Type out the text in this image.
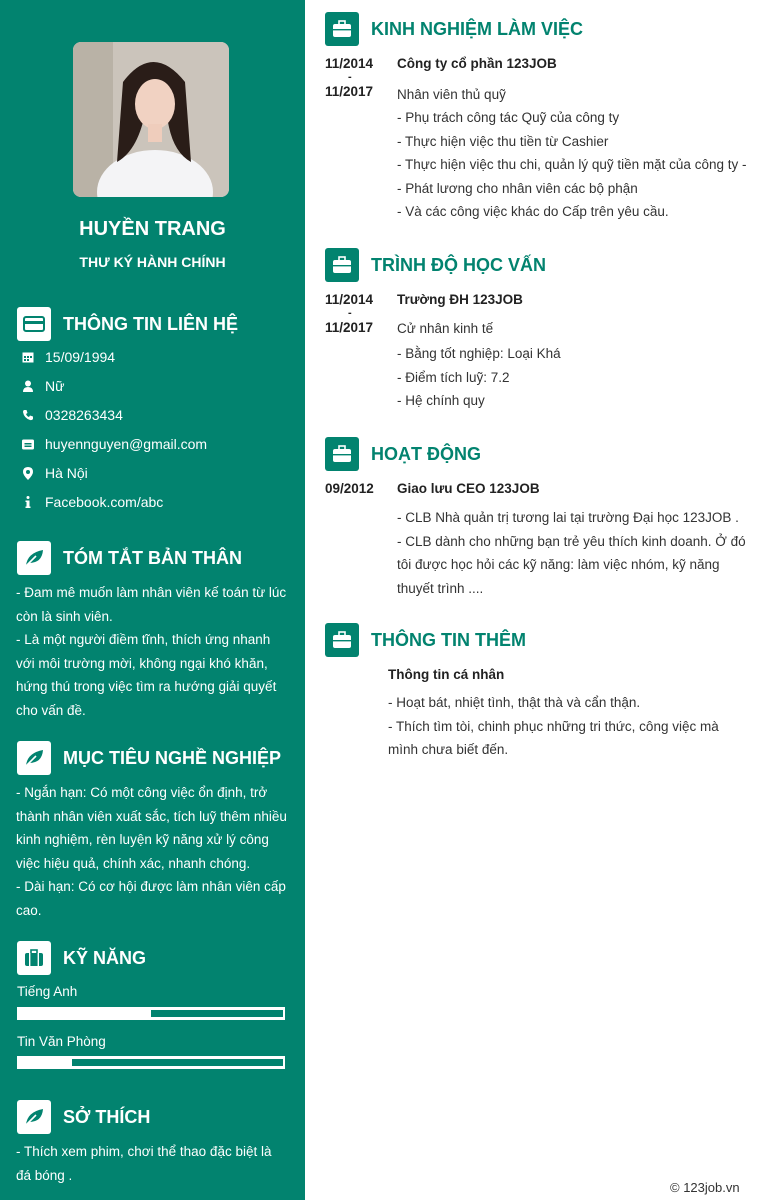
HUYỀN TRANG
THƯ KÝ HÀNH CHÍNH
THÔNG TIN LIÊN HỆ
15/09/1994
Nữ
0328263434
huyennguyen@gmail.com
Hà Nội
Facebook.com/abc
TÓM TẮT BẢN THÂN
- Đam mê muốn làm nhân viên kế toán từ lúc còn là sinh viên.
- Là một người điềm tĩnh, thích ứng nhanh với môi trường mời, không ngại khó khăn, hứng thú trong việc tìm ra hướng giải quyết cho vấn đề.
MỤC TIÊU NGHỀ NGHIỆP
- Ngắn hạn: Có một công việc ổn định, trở thành nhân viên xuất sắc, tích luỹ thêm nhiều kinh nghiệm, rèn luyện kỹ năng xử lý công việc hiệu quả, chính xác, nhanh chóng.
- Dài hạn: Có cơ hội được làm nhân viên cấp cao.
KỸ NĂNG
Tiếng Anh
Tin Văn Phòng
SỞ THÍCH
- Thích xem phim, chơi thể thao đặc biệt là đá bóng .
KINH NGHIỆM LÀM VIỆC
11/2014
-
11/2017
Công ty cổ phần 123JOB
Nhân viên thủ quỹ
- Phụ trách công tác Quỹ của công ty
- Thực hiện việc thu tiền từ Cashier
- Thực hiện việc thu chi, quản lý quỹ tiền mặt của công ty -
- Phát lương cho nhân viên các bộ phận
- Và các công việc khác do Cấp trên yêu cầu.
TRÌNH ĐỘ HỌC VẤN
11/2014
-
11/2017
Trường ĐH 123JOB
Cử nhân kinh tế
- Bằng tốt nghiệp: Loại Khá
- Điểm tích luỹ: 7.2
- Hệ chính quy
HOẠT ĐỘNG
09/2012 Giao lưu CEO 123JOB
- CLB Nhà quản trị tương lai tại trường Đại học 123JOB .
- CLB dành cho những bạn trẻ yêu thích kinh doanh. Ở đó tôi được học hỏi các kỹ năng: làm việc nhóm, kỹ năng thuyết trình ....
THÔNG TIN THÊM
Thông tin cá nhân
- Hoạt bát, nhiệt tình, thật thà và cẩn thận.
- Thích tìm tòi, chinh phục những tri thức, công việc mà mình chưa biết đến.
© 123job.vn
